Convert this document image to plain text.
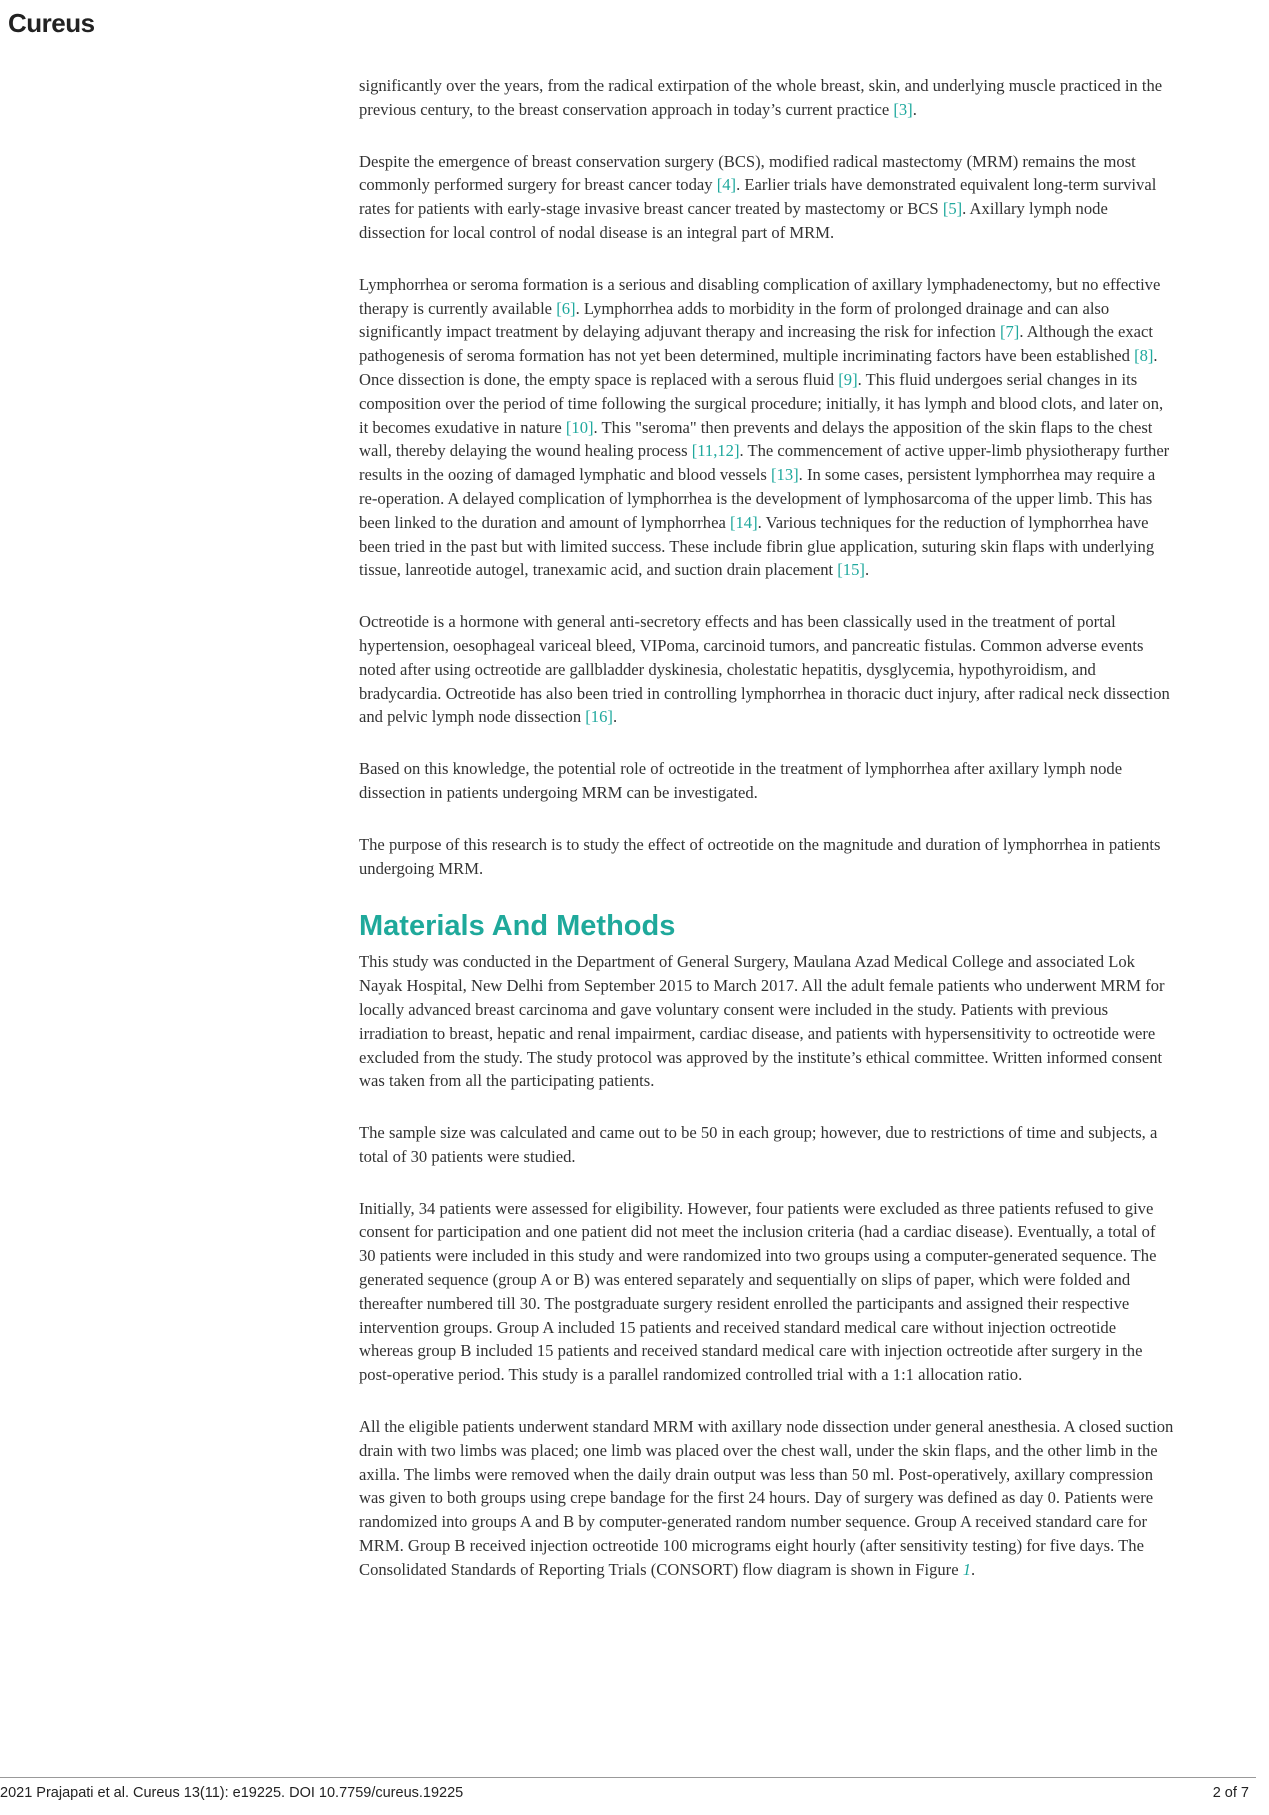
Cureus

significantly over the years, from the radical extirpation of the whole breast, skin, and underlying muscle practiced in the previous century, to the breast conservation approach in today’s current practice [3].

Despite the emergence of breast conservation surgery (BCS), modified radical mastectomy (MRM) remains the most commonly performed surgery for breast cancer today [4]. Earlier trials have demonstrated equivalent long-term survival rates for patients with early-stage invasive breast cancer treated by mastectomy or BCS [5]. Axillary lymph node dissection for local control of nodal disease is an integral part of MRM.

Lymphorrhea or seroma formation is a serious and disabling complication of axillary lymphadenectomy, but no effective therapy is currently available [6]. Lymphorrhea adds to morbidity in the form of prolonged drainage and can also significantly impact treatment by delaying adjuvant therapy and increasing the risk for infection [7]. Although the exact pathogenesis of seroma formation has not yet been determined, multiple incriminating factors have been established [8]. Once dissection is done, the empty space is replaced with a serous fluid [9]. This fluid undergoes serial changes in its composition over the period of time following the surgical procedure; initially, it has lymph and blood clots, and later on, it becomes exudative in nature [10]. This "seroma" then prevents and delays the apposition of the skin flaps to the chest wall, thereby delaying the wound healing process [11,12]. The commencement of active upper-limb physiotherapy further results in the oozing of damaged lymphatic and blood vessels [13]. In some cases, persistent lymphorrhea may require a re-operation. A delayed complication of lymphorrhea is the development of lymphosarcoma of the upper limb. This has been linked to the duration and amount of lymphorrhea [14]. Various techniques for the reduction of lymphorrhea have been tried in the past but with limited success. These include fibrin glue application, suturing skin flaps with underlying tissue, lanreotide autogel, tranexamic acid, and suction drain placement [15].

Octreotide is a hormone with general anti-secretory effects and has been classically used in the treatment of portal hypertension, oesophageal variceal bleed, VIPoma, carcinoid tumors, and pancreatic fistulas. Common adverse events noted after using octreotide are gallbladder dyskinesia, cholestatic hepatitis, dysglycemia, hypothyroidism, and bradycardia. Octreotide has also been tried in controlling lymphorrhea in thoracic duct injury, after radical neck dissection and pelvic lymph node dissection [16].

Based on this knowledge, the potential role of octreotide in the treatment of lymphorrhea after axillary lymph node dissection in patients undergoing MRM can be investigated.

The purpose of this research is to study the effect of octreotide on the magnitude and duration of lymphorrhea in patients undergoing MRM.

Materials And Methods

This study was conducted in the Department of General Surgery, Maulana Azad Medical College and associated Lok Nayak Hospital, New Delhi from September 2015 to March 2017. All the adult female patients who underwent MRM for locally advanced breast carcinoma and gave voluntary consent were included in the study. Patients with previous irradiation to breast, hepatic and renal impairment, cardiac disease, and patients with hypersensitivity to octreotide were excluded from the study. The study protocol was approved by the institute’s ethical committee. Written informed consent was taken from all the participating patients.

The sample size was calculated and came out to be 50 in each group; however, due to restrictions of time and subjects, a total of 30 patients were studied.

Initially, 34 patients were assessed for eligibility. However, four patients were excluded as three patients refused to give consent for participation and one patient did not meet the inclusion criteria (had a cardiac disease). Eventually, a total of 30 patients were included in this study and were randomized into two groups using a computer-generated sequence. The generated sequence (group A or B) was entered separately and sequentially on slips of paper, which were folded and thereafter numbered till 30. The postgraduate surgery resident enrolled the participants and assigned their respective intervention groups. Group A included 15 patients and received standard medical care without injection octreotide whereas group B included 15 patients and received standard medical care with injection octreotide after surgery in the post-operative period. This study is a parallel randomized controlled trial with a 1:1 allocation ratio.

All the eligible patients underwent standard MRM with axillary node dissection under general anesthesia. A closed suction drain with two limbs was placed; one limb was placed over the chest wall, under the skin flaps, and the other limb in the axilla. The limbs were removed when the daily drain output was less than 50 ml. Post-operatively, axillary compression was given to both groups using crepe bandage for the first 24 hours. Day of surgery was defined as day 0. Patients were randomized into groups A and B by computer-generated random number sequence. Group A received standard care for MRM. Group B received injection octreotide 100 micrograms eight hourly (after sensitivity testing) for five days. The Consolidated Standards of Reporting Trials (CONSORT) flow diagram is shown in Figure 1.

2021 Prajapati et al. Cureus 13(11): e19225. DOI 10.7759/cureus.19225	2 of 7
